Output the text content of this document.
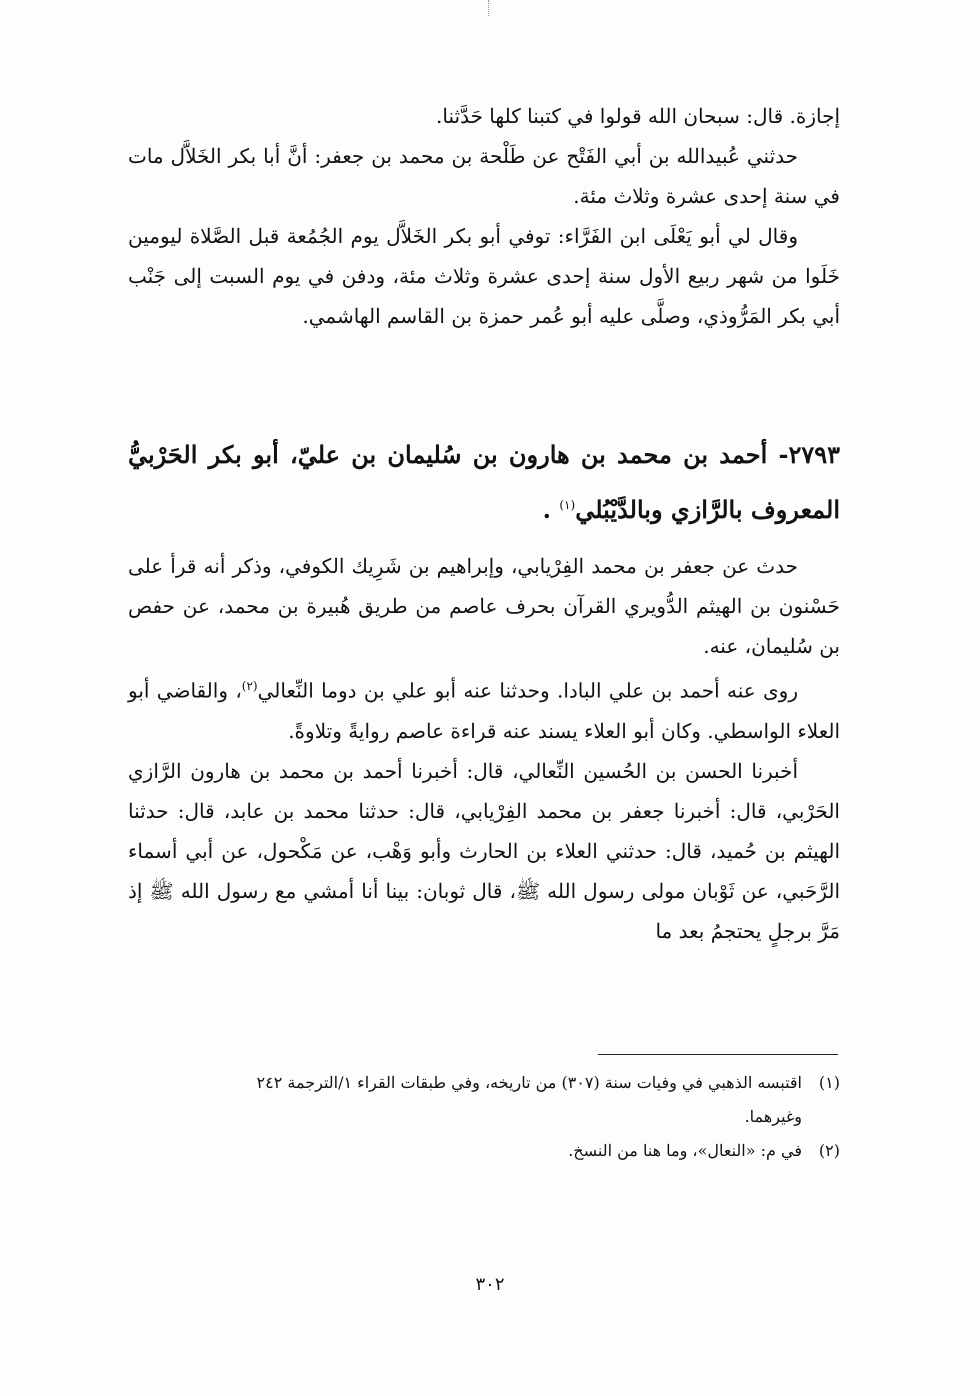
إجازة. قال: سبحان الله قولوا في كتبنا كلها حَدَّثنا.

حدثني عُبيدالله بن أبي الفَتْح عن طَلْحة بن محمد بن جعفر: أنَّ أبا بكر الخَلاَّل مات في سنة إحدى عشرة وثلاث مئة.

وقال لي أبو يَعْلَى ابن الفَرَّاء: توفي أبو بكر الخَلاَّل يوم الجُمُعة قبل الصَّلاة ليومين خَلَوا من شهر ربيع الأول سنة إحدى عشرة وثلاث مئة، ودفن في يوم السبت إلى جَنْب أبي بكر المَرُّوذي، وصلَّى عليه أبو عُمر حمزة بن القاسم الهاشمي.

٢٧٩٣- أحمد بن محمد بن هارون بن سُليمان بن عليّ، أبو بكر الحَرْبيُّ المعروف بالرَّازي وبالدَّيْبُلي$^{(١)}$ .

حدث عن جعفر بن محمد الفِرْيابي، وإبراهيم بن شَرِيك الكوفي، وذكر أنه قرأ على حَسْنون بن الهيثم الدُّويري القرآن بحرف عاصم من طريق هُبيرة بن محمد، عن حفص بن سُليمان، عنه.

روى عنه أحمد بن علي البادا. وحدثنا عنه أبو علي بن دوما النِّعالي$^{(٢)}$، والقاضي أبو العلاء الواسطي. وكان أبو العلاء يسند عنه قراءة عاصم روايةً وتلاوةً.

أخبرنا الحسن بن الحُسين النِّعالي، قال: أخبرنا أحمد بن محمد بن هارون الرَّازي الحَرْبي، قال: أخبرنا جعفر بن محمد الفِرْيابي، قال: حدثنا محمد بن عابد، قال: حدثنا الهيثم بن حُميد، قال: حدثني العلاء بن الحارث وأبو وَهْب، عن مَكْحول، عن أبي أسماء الرَّحَبي، عن ثَوْبان مولى رسول الله ﷺ، قال ثوبان: بينا أنا أمشي مع رسول الله ﷺ إذ مَرَّ برجلٍ يحتجمُ بعد ما

(١)اقتبسه الذهبي في وفيات سنة (٣٠٧) من تاريخه، وفي طبقات القراء ١/الترجمة ٢٤٢

وغيرهما.

(٢)في م: «النعال»، وما هنا من النسخ.

٣٠٢
